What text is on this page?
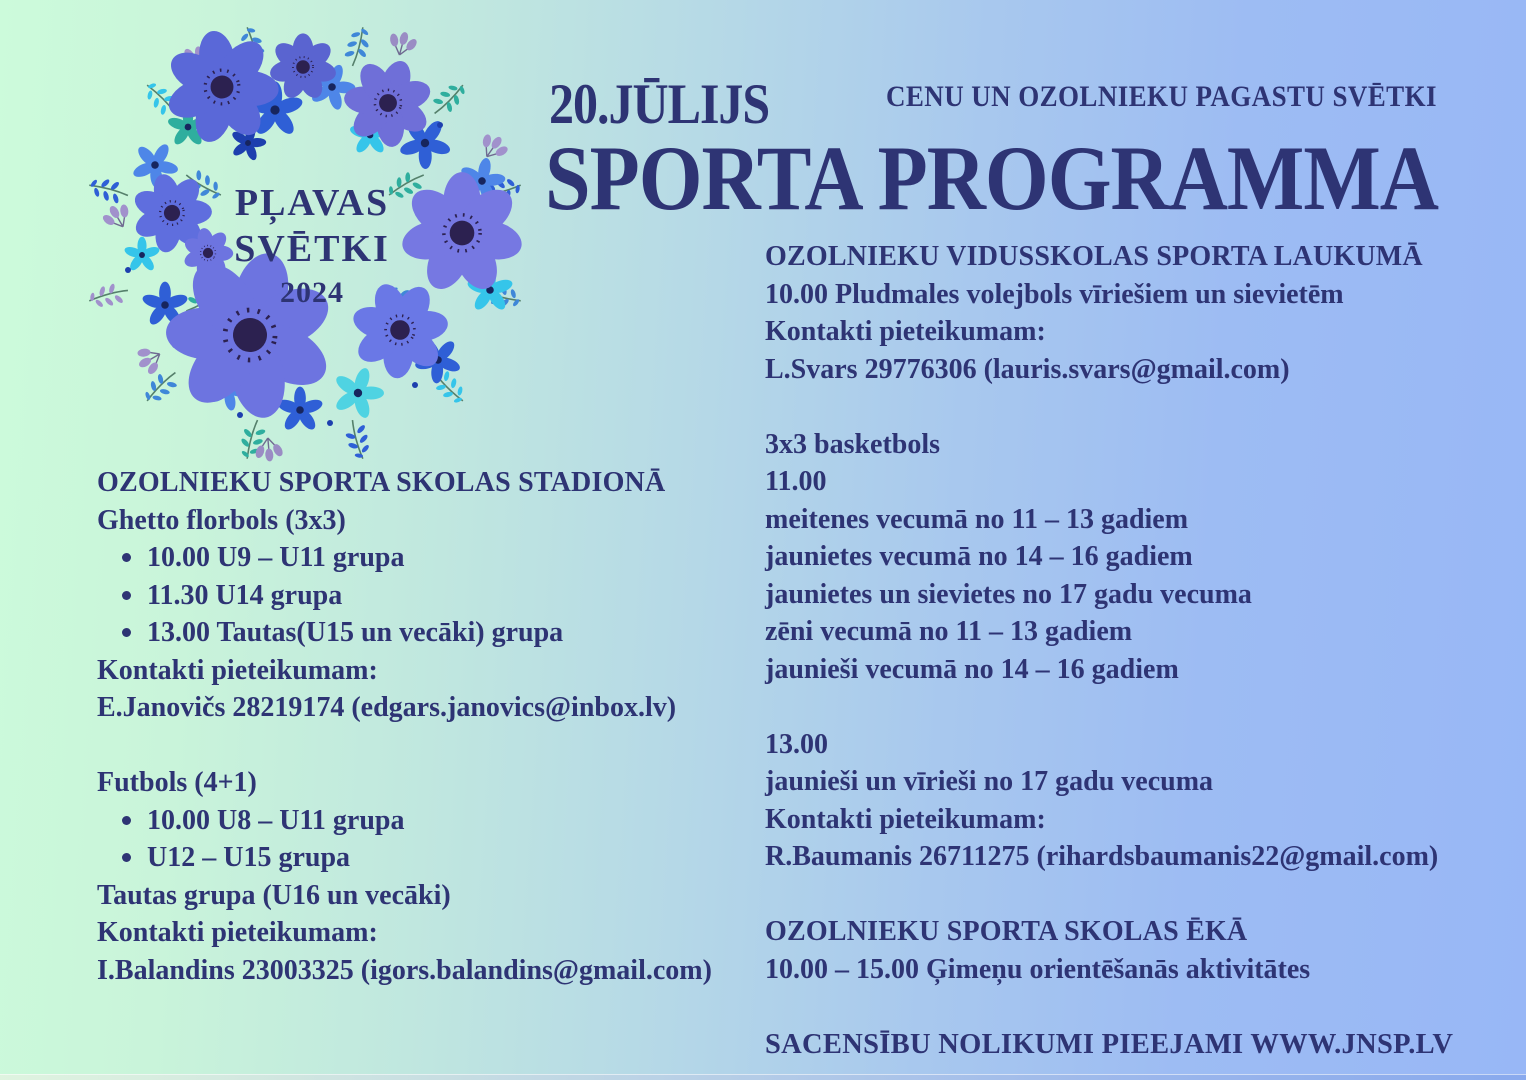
PĻAVAS
SVĒTKI
2024
20.JŪLIJS	CENU UN OZOLNIEKU PAGASTU SVĒTKI
SPORTA PROGRAMMA
OZOLNIEKU SPORTA SKOLAS STADIONĀ
Ghetto florbols (3x3)
10.00 U9 – U11 grupa
11.30 U14 grupa
13.00 Tautas(U15 un vecāki) grupa
Kontakti pieteikumam:
E.Janovičs 28219174 (edgars.janovics@inbox.lv)
Futbols (4+1)
10.00 U8 – U11 grupa
U12 – U15 grupa
Tautas grupa (U16 un vecāki)
Kontakti pieteikumam:
I.Balandins 23003325 (igors.balandins@gmail.com)
OZOLNIEKU VIDUSSKOLAS SPORTA LAUKUMĀ
10.00 Pludmales volejbols vīriešiem un sievietēm
Kontakti pieteikumam:
L.Svars 29776306 (lauris.svars@gmail.com)
3x3 basketbols
11.00
meitenes vecumā no 11 – 13 gadiem
jaunietes vecumā no 14 – 16 gadiem
jaunietes un sievietes no 17 gadu vecuma
zēni vecumā no 11 – 13 gadiem
jaunieši vecumā no 14 – 16 gadiem
13.00
jaunieši un vīrieši no 17 gadu vecuma
Kontakti pieteikumam:
R.Baumanis 26711275 (rihardsbaumanis22@gmail.com)
OZOLNIEKU SPORTA SKOLAS ĒKĀ
10.00 – 15.00 Ģimeņu orientēšanās aktivitātes
SACENSĪBU NOLIKUMI PIEEJAMI WWW.JNSP.LV
